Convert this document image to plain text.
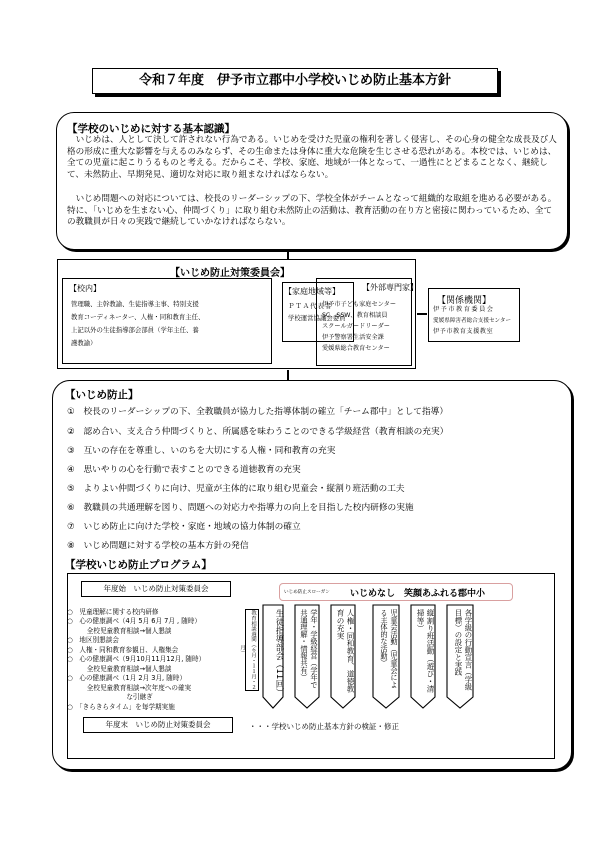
令和７年度　伊予市立郡中小学校いじめ防止基本方針
【学校のいじめに対する基本認識】
　いじめは、人として決して許されない行為である。いじめを受けた児童の権利を著しく侵害し、その心身の健全な成長及び人格の形成に重大な影響を与えるのみならず、その生命または身体に重大な危険を生じさせる恐れがある。本校では、いじめは、全ての児童に起こりうるものと考える。だからこそ、学校、家庭、地域が一体となって、一過性にとどまることなく、継続して、未然防止、早期発見、適切な対応に取り組まなければならない。
　いじめ問題への対応については、校長のリーダーシップの下、学校全体がチームとなって組織的な取組を進める必要がある。特に、「いじめを生まない心、仲間づくり」に取り組む未然防止の活動は、教育活動の在り方と密接に関わっているため、全ての教職員が日々の実践で継続していかなければならない。
【いじめ防止対策委員会】
【校内】
管理職、主幹教諭、生徒指導主事、特別支援
教育コーディネーター、人権・同和教育主任、
上記以外の生徒指導部会部員（学年主任、養
護教諭）
【家庭地域等】
ＰＴＡ代表者
学校運営協議会委員
【外部専門家】
伊予市子ども家庭センター
SC、SSW、教育相談員
スクールガードリーダー
伊予警察署生活安全課
愛媛県総合教育センター
【関係機関】
伊予市教育委員会
愛媛県障害者総合支援センター
伊予市教育支援教室
【いじめ防止】
①　 校長のリーダーシップの下、全教職員が協力した指導体制の確立「チーム郡中」として指導）
②　 認め合い、支え合う仲間づくりと、所属感を味わうことのできる学級経営（教育相談の充実）
③　 互いの存在を尊重し、いのちを大切にする人権・同和教育の充実
④　 思いやりの心を行動で表すことのできる道徳教育の充実
⑤　 よりよい仲間づくりに向け、児童が主体的に取り組む児童会・縦割り班活動の工夫
⑥　 教職員の共通理解を図り、問題への対応力や指導力の向上を目指した校内研修の実施
⑦　 いじめ防止に向けた学校・家庭・地域の協力体制の確立
⑧　 いじめ問題に対する学校の基本方針の発信
【学校いじめ防止プログラム】
年度始　いじめ防止対策委員会	いじめ防止スローガン いじめなし　笑顔あふれる郡中小
○　児童理解に関する校内研修
○　心の健康調べ（4月 5月 6月 7月 , 随時）
　　　全校児童教育相談→個人懇談
○　地区別懇談会
○　人権・同和教育参観日、人権集会
○　心の健康調べ（9月10月11月12月, 随時）
　　　全校児童教育相談→個人懇談
○　心の健康調べ（1月 2月 3月, 随時）
　　　全校児童教育相談→次年度への確実
　　　　　　　　　な引継ぎ
○　「きらきらタイム」を毎学期実施
教育相談週間（６月・１１月・２月）	生徒指導部会（11回）	学年・学級経営（学年で共通理解・情報共有）	人権・同和教育、道徳教育の充実	児童会活動（児童会による主体的な活動）	縦割り班活動（遊び・清掃等）	各学級の行動宣言（学級目標）の設定と実践
年度末　いじめ防止対策委員会	・・・学校いじめ防止基本方針の検証・修正
